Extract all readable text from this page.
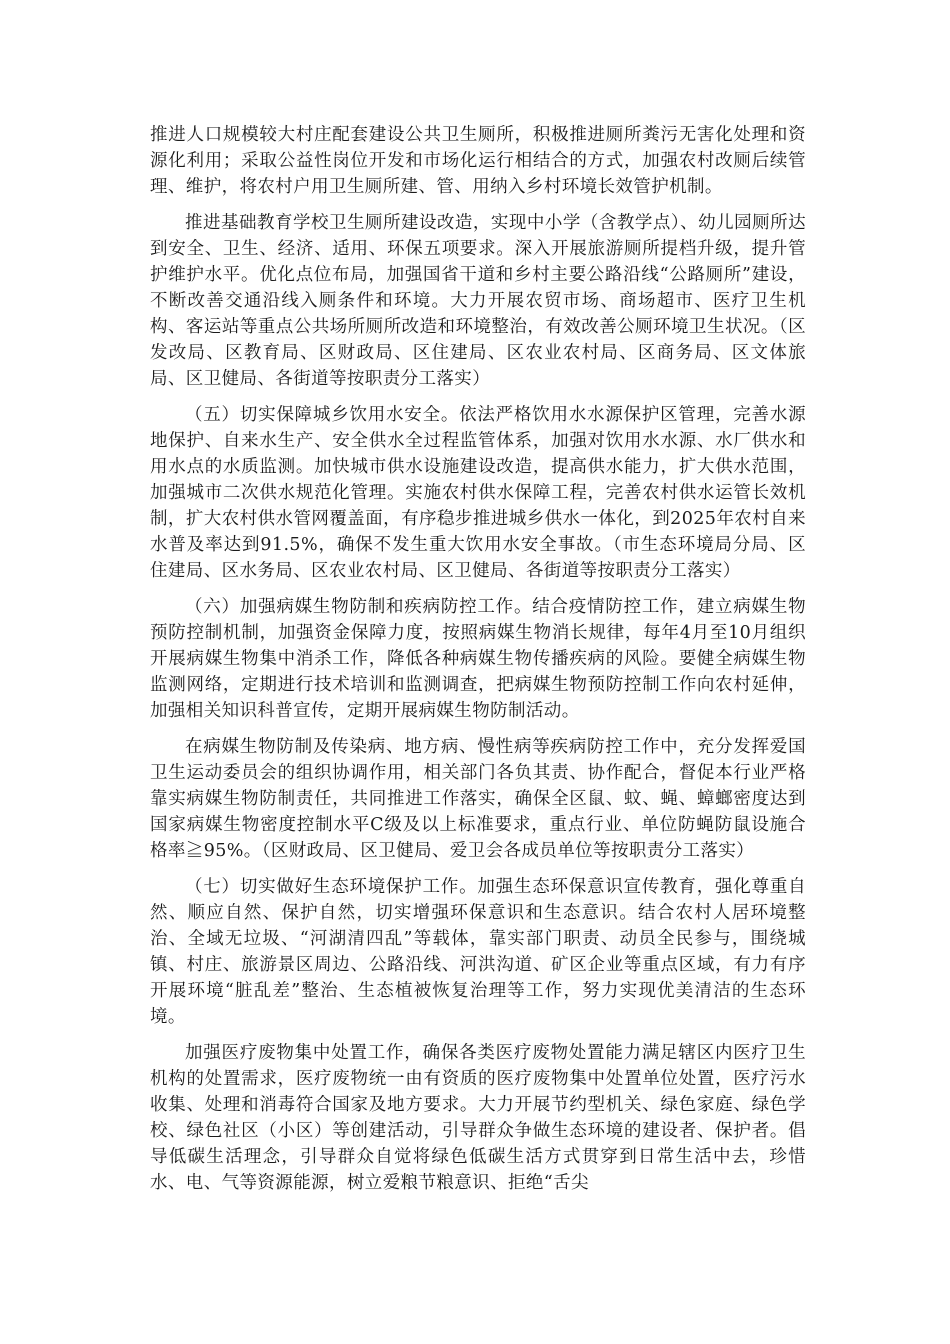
推进人口规模较大村庄配套建设公共卫生厕所，积极推进厕所粪污无害化处理和资源化利用；采取公益性岗位开发和市场化运行相结合的方式，加强农村改厕后续管理、维护，将农村户用卫生厕所建、管、用纳入乡村环境长效管护机制。

推进基础教育学校卫生厕所建设改造，实现中小学（含教学点）、幼儿园厕所达到安全、卫生、经济、适用、环保五项要求。深入开展旅游厕所提档升级，提升管护维护水平。优化点位布局，加强国省干道和乡村主要公路沿线“公路厕所”建设，不断改善交通沿线入厕条件和环境。大力开展农贸市场、商场超市、医疗卫生机构、客运站等重点公共场所厕所改造和环境整治，有效改善公厕环境卫生状况。（区发改局、区教育局、区财政局、区住建局、区农业农村局、区商务局、区文体旅局、区卫健局、各街道等按职责分工落实）

（五）切实保障城乡饮用水安全。依法严格饮用水水源保护区管理，完善水源地保护、自来水生产、安全供水全过程监管体系，加强对饮用水水源、水厂供水和用水点的水质监测。加快城市供水设施建设改造，提高供水能力，扩大供水范围，加强城市二次供水规范化管理。实施农村供水保障工程，完善农村供水运管长效机制，扩大农村供水管网覆盖面，有序稳步推进城乡供水一体化，到2025年农村自来水普及率达到91.5%，确保不发生重大饮用水安全事故。（市生态环境局分局、区住建局、区水务局、区农业农村局、区卫健局、各街道等按职责分工落实）

（六）加强病媒生物防制和疾病防控工作。结合疫情防控工作，建立病媒生物预防控制机制，加强资金保障力度，按照病媒生物消长规律，每年4月至10月组织开展病媒生物集中消杀工作，降低各种病媒生物传播疾病的风险。要健全病媒生物监测网络，定期进行技术培训和监测调查，把病媒生物预防控制工作向农村延伸，加强相关知识科普宣传，定期开展病媒生物防制活动。

在病媒生物防制及传染病、地方病、慢性病等疾病防控工作中，充分发挥爱国卫生运动委员会的组织协调作用，相关部门各负其责、协作配合，督促本行业严格靠实病媒生物防制责任，共同推进工作落实，确保全区鼠、蚊、蝇、蟑螂密度达到国家病媒生物密度控制水平C级及以上标准要求，重点行业、单位防蝇防鼠设施合格率≧95%。（区财政局、区卫健局、爱卫会各成员单位等按职责分工落实）

（七）切实做好生态环境保护工作。加强生态环保意识宣传教育，强化尊重自然、顺应自然、保护自然，切实增强环保意识和生态意识。结合农村人居环境整治、全域无垃圾、“河湖清四乱”等载体，靠实部门职责、动员全民参与，围绕城镇、村庄、旅游景区周边、公路沿线、河洪沟道、矿区企业等重点区域，有力有序开展环境“脏乱差”整治、生态植被恢复治理等工作，努力实现优美清洁的生态环境。

加强医疗废物集中处置工作，确保各类医疗废物处置能力满足辖区内医疗卫生机构的处置需求，医疗废物统一由有资质的医疗废物集中处置单位处置，医疗污水收集、处理和消毒符合国家及地方要求。大力开展节约型机关、绿色家庭、绿色学校、绿色社区（小区）等创建活动，引导群众争做生态环境的建设者、保护者。倡导低碳生活理念，引导群众自觉将绿色低碳生活方式贯穿到日常生活中去，珍惜水、电、气等资源能源，树立爱粮节粮意识、拒绝“舌尖
